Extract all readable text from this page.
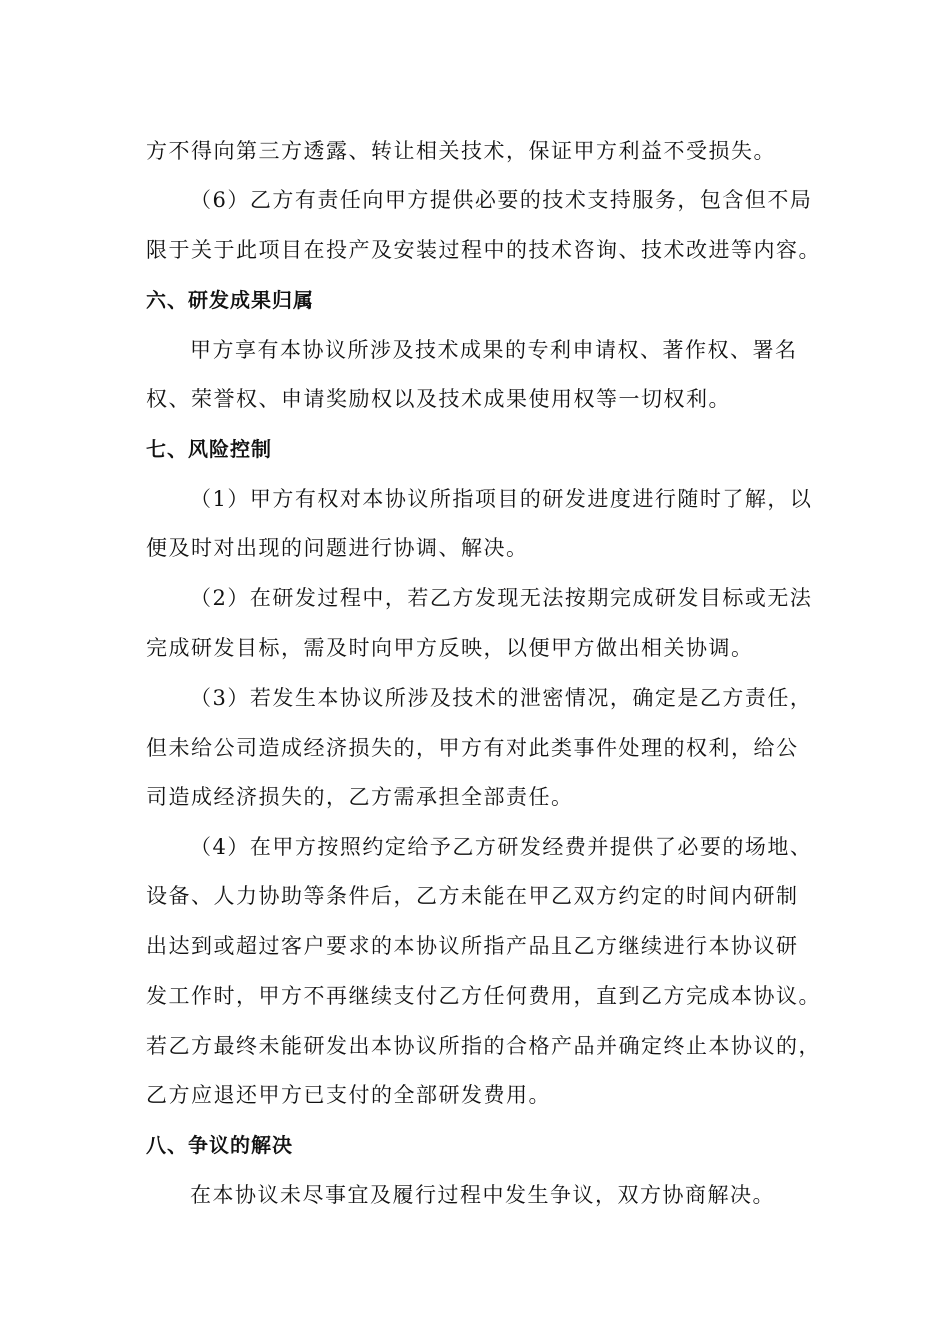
方不得向第三方透露、转让相关技术，保证甲方利益不受损失。
（6）乙方有责任向甲方提供必要的技术支持服务，包含但不局
限于关于此项目在投产及安装过程中的技术咨询、技术改进等内容。
六、研发成果归属
甲方享有本协议所涉及技术成果的专利申请权、著作权、署名
权、荣誉权、申请奖励权以及技术成果使用权等一切权利。
七、风险控制
（1）甲方有权对本协议所指项目的研发进度进行随时了解，以
便及时对出现的问题进行协调、解决。
（2）在研发过程中，若乙方发现无法按期完成研发目标或无法
完成研发目标，需及时向甲方反映，以便甲方做出相关协调。
（3）若发生本协议所涉及技术的泄密情况，确定是乙方责任，
但未给公司造成经济损失的，甲方有对此类事件处理的权利，给公
司造成经济损失的，乙方需承担全部责任。
（4）在甲方按照约定给予乙方研发经费并提供了必要的场地、
设备、人力协助等条件后，乙方未能在甲乙双方约定的时间内研制
出达到或超过客户要求的本协议所指产品且乙方继续进行本协议研
发工作时，甲方不再继续支付乙方任何费用，直到乙方完成本协议。
若乙方最终未能研发出本协议所指的合格产品并确定终止本协议的，
乙方应退还甲方已支付的全部研发费用。
八、争议的解决
在本协议未尽事宜及履行过程中发生争议，双方协商解决。
